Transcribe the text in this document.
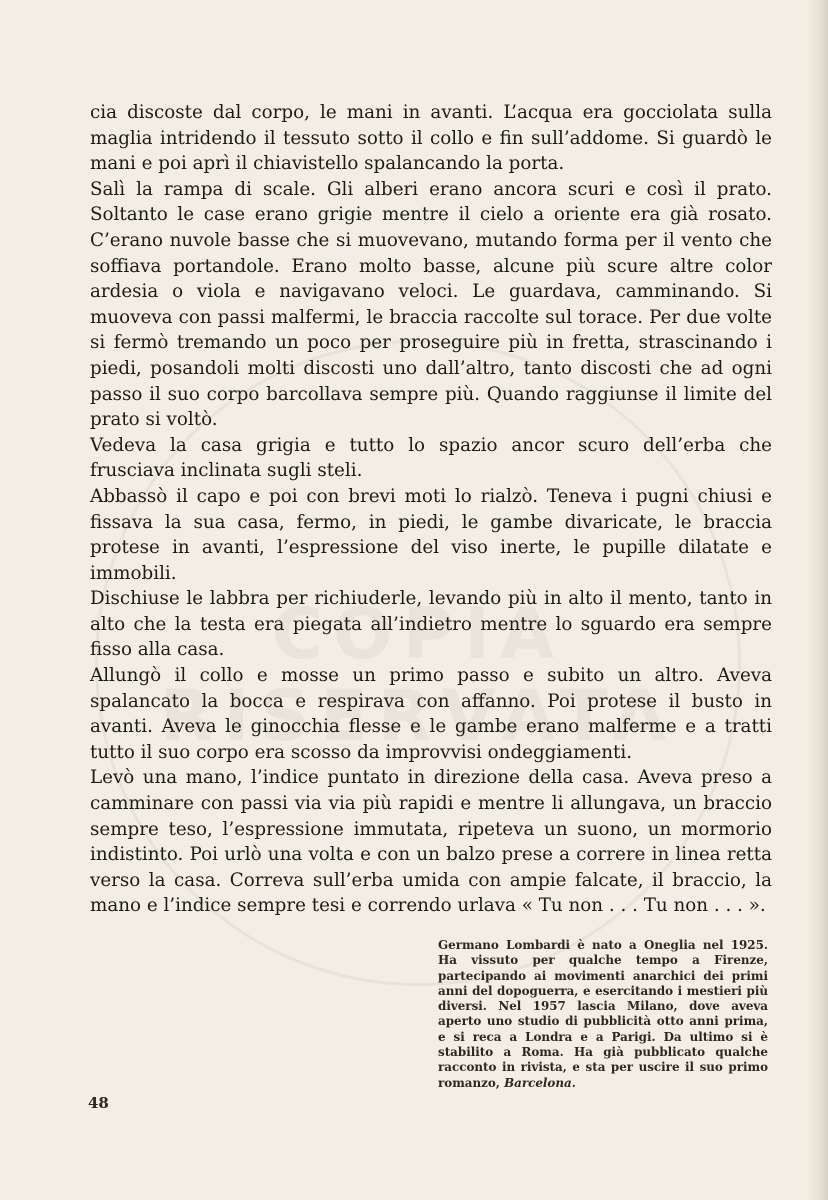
cia discoste dal corpo, le mani in avanti. L’acqua era gocciolata sulla maglia intridendo il tessuto sotto il collo e fin sull’addome. Si guardò le mani e poi aprì il chiavistello spalancando la porta.

Salì la rampa di scale. Gli alberi erano ancora scuri e così il prato. Soltanto le case erano grigie mentre il cielo a oriente era già rosato. C’erano nuvole basse che si muovevano, mutando forma per il vento che soffiava portandole. Erano molto basse, alcune più scure altre color ardesia o viola e navigavano veloci. Le guardava, camminando. Si muoveva con passi malfermi, le braccia raccolte sul torace. Per due volte si fermò tremando un poco per proseguire più in fretta, strascinando i piedi, posandoli molti discosti uno dall’altro, tanto discosti che ad ogni passo il suo corpo barcollava sempre più. Quando raggiunse il limite del prato si voltò.

Vedeva la casa grigia e tutto lo spazio ancor scuro dell’erba che frusciava inclinata sugli steli.

Abbassò il capo e poi con brevi moti lo rialzò. Teneva i pugni chiusi e fissava la sua casa, fermo, in piedi, le gambe divaricate, le braccia protese in avanti, l’espressione del viso inerte, le pupille dilatate e immobili.

Dischiuse le labbra per richiuderle, levando più in alto il mento, tanto in alto che la testa era piegata all’indietro mentre lo sguardo era sempre fisso alla casa.

Allungò il collo e mosse un primo passo e subito un altro. Aveva spalancato la bocca e respirava con affanno. Poi protese il busto in avanti. Aveva le ginocchia flesse e le gambe erano malferme e a tratti tutto il suo corpo era scosso da improvvisi ondeggiamenti.

Levò una mano, l’indice puntato in direzione della casa. Aveva preso a camminare con passi via via più rapidi e mentre li allungava, un braccio sempre teso, l’espressione immutata, ripeteva un suono, un mormorio indistinto. Poi urlò una volta e con un balzo prese a correre in linea retta verso la casa. Correva sull’erba umida con ampie falcate, il braccio, la mano e l’indice sempre tesi e correndo urlava « Tu non . . . Tu non . . . ».

Germano Lombardi è nato a Oneglia nel 1925. Ha vissuto per qualche tempo a Firenze, partecipando ai movimenti anarchici dei primi anni del dopoguerra, e esercitando i mestieri più diversi. Nel 1957 lascia Milano, dove aveva aperto uno studio di pubblicità otto anni prima, e si reca a Londra e a Parigi. Da ultimo si è stabilito a Roma. Ha già pubblicato qualche racconto in rivista, e sta per uscire il suo primo romanzo, Barcelona.
48
